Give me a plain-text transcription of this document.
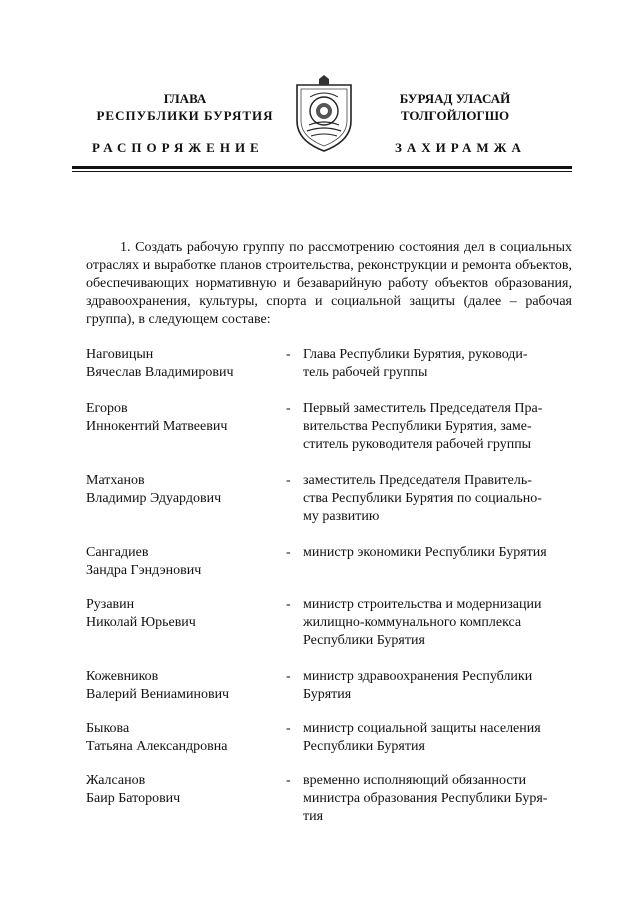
ГЛАВА
РЕСПУБЛИКИ БУРЯТИЯ
РАСПОРЯЖЕНИЕ
БУРЯАД УЛАСАЙ
ТОЛГОЙЛОГШО
ЗАХИРАМЖА
1. Создать рабочую группу по рассмотрению состояния дел в социальных отраслях и выработке планов строительства, реконструкции и ремонта объектов, обеспечивающих нормативную и безаварийную работу объектов образования, здравоохранения, культуры, спорта и социальной защиты (далее – рабочая группа), в следующем составе:
Наговицын
Вячеслав Владимирович
- Глава Республики Бурятия, руководи-
тель рабочей группы
Егоров
Иннокентий Матвеевич
- Первый заместитель Председателя Пра-
вительства Республики Бурятия, заме-
ститель руководителя рабочей группы
Матханов
Владимир Эдуардович
- заместитель Председателя Правитель-
ства Республики Бурятия по социально-
му развитию
Сангадиев
Зандра Гэндэнович
- министр экономики Республики Бурятия
Рузавин
Николай Юрьевич
- министр строительства и модернизации
жилищно-коммунального комплекса
Республики Бурятия
Кожевников
Валерий Вениаминович
- министр здравоохранения Республики
Бурятия
Быкова
Татьяна Александровна
- министр социальной защиты населения
Республики Бурятия
Жалсанов
Баир Баторович
- временно исполняющий обязанности
министра образования Республики Буря-
тия
